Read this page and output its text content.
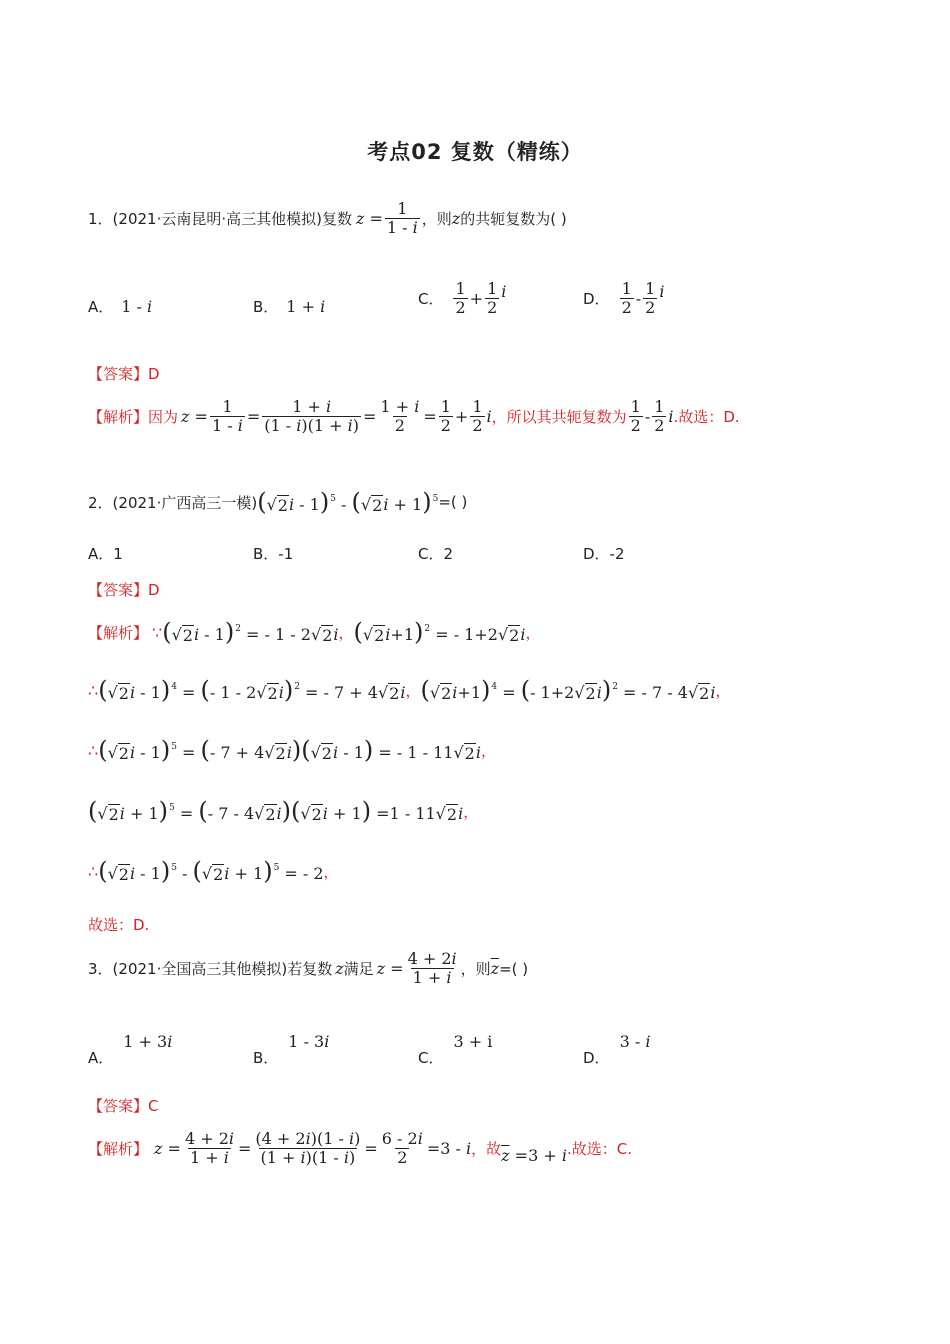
考点02 复数（精练）
1．(2021·云南昆明·高三其他模拟)复数 $z = \frac{1}{1 - i}$ ，则 z 的共轭复数为( )
A． 1 - i	B． 1 + i	C． $\frac{1}{2} + \frac{1}{2}$ i	D． $\frac{1}{2} - \frac{1}{2}$ i
【答案】D
【解析】 因为 $z = \frac{1}{1 - i} = \frac{1 + i}{(1 - i)(1 + i)} = \frac{1 + i}{2} = \frac{1}{2} + \frac{1}{2}$ i ，所以其共轭复数为 $\frac{1}{2} - \frac{1}{2}$ i .故选：D.
2．(2021·广西高三一模) (√ 2 i - 1)$^5$ - (√ 2 i + 1)$^5$ =( )
A．1	B．-1	C．2	D．-2
【答案】D
【解析】 ∵ (√ 2 i - 1)$^2$ = - 1 - 2√ 2 i ， (√ 2 i+1)$^2$ = - 1+2√ 2 i ，
∴ (√ 2 i - 1)$^4$ = (- 1 - 2√ 2 i)$^2$ = - 7 + 4√ 2 i ， (√ 2 i+1)$^4$ = (- 1+2√ 2 i)$^2$ = - 7 - 4√ 2 i ，
∴ (√ 2 i - 1)$^5$ = (- 7 + 4√ 2 i)(√ 2 i - 1) = - 1 - 11√ 2 i ，
(√ 2 i + 1)$^5$ = (- 7 - 4√ 2 i)(√ 2 i + 1) =1 - 11√ 2 i ，
∴ (√ 2 i - 1)$^5$ - (√ 2 i + 1)$^5$ = - 2 ，
故选：D.
3．(2021·全国高三其他模拟)若复数 z 满足 $z = \frac{4 + 2i}{1 + i}$ ，则 $\overline{z}$ =( )
A．
1 + 3i
B．
1 - 3i
C．
3 + i
D．
3 - i
【答案】C
【解析】 $z = \frac{4 + 2i}{1 + i} = \frac{(4 + 2i)(1 - i)}{(1 + i)(1 - i)} = \frac{6 - 2i}{2} =3 - i$ ，故 $\overline{z} =3 + i$ .故选：C.
